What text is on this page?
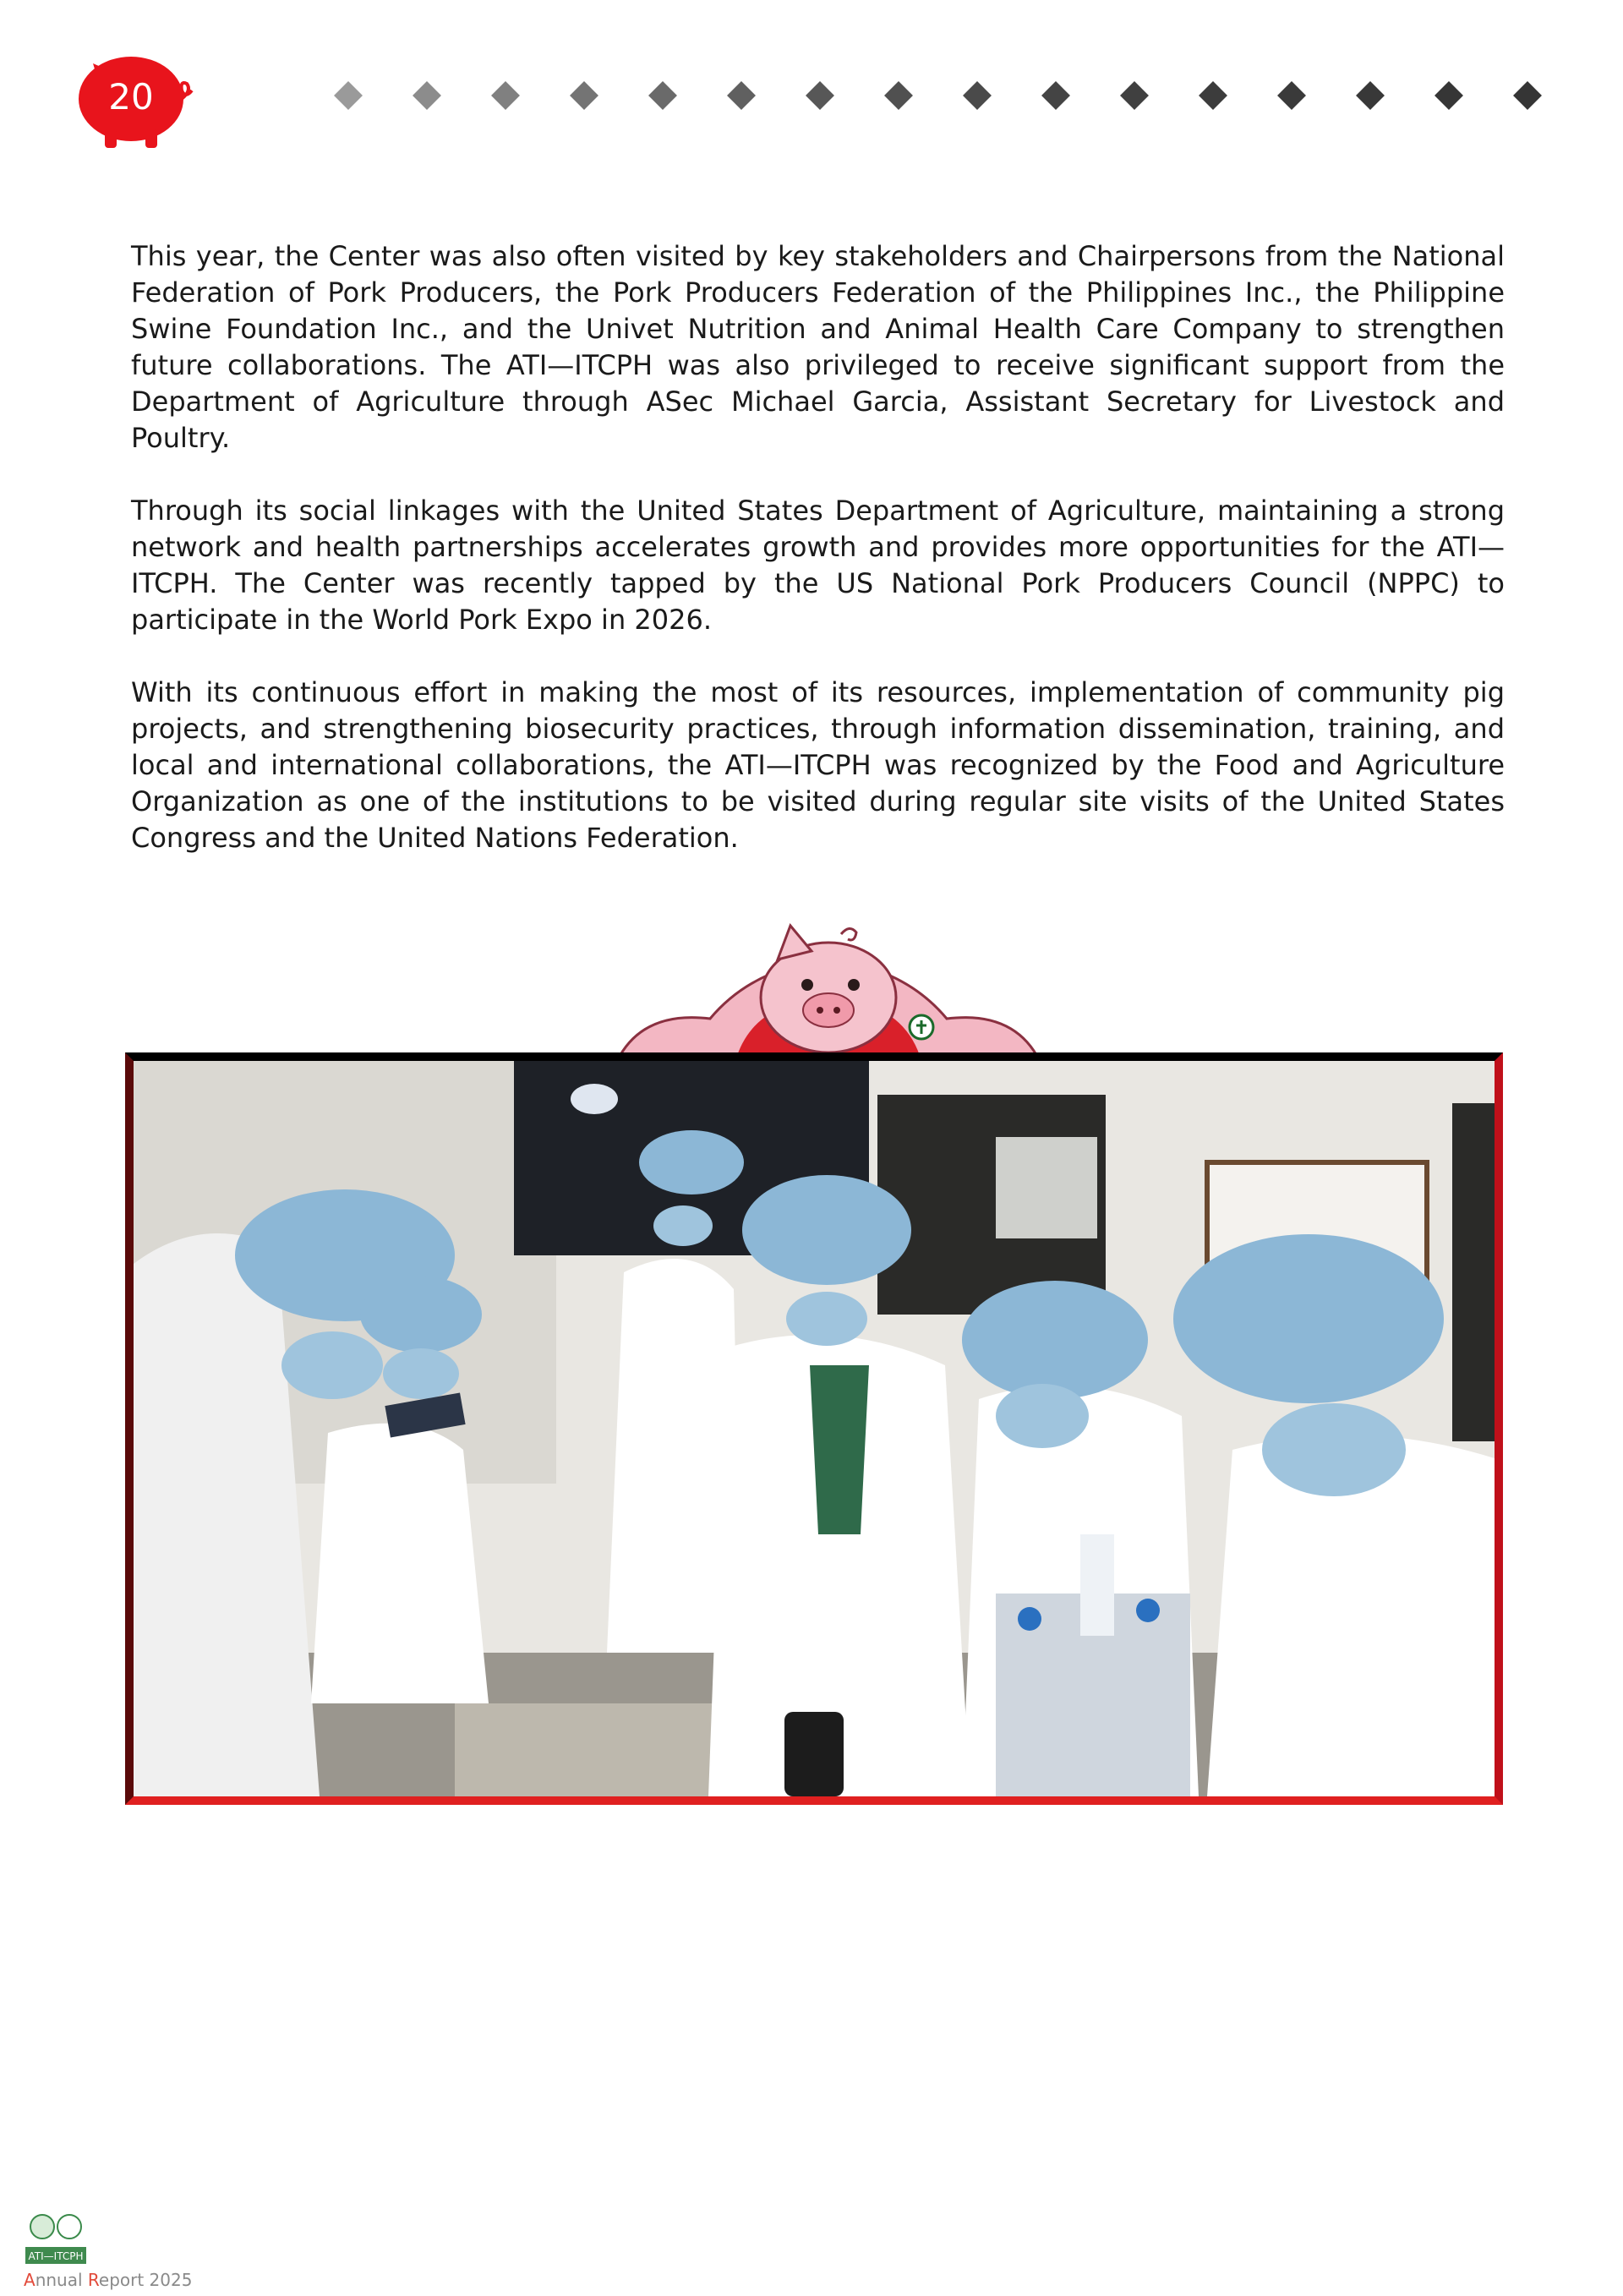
20

This year, the Center was also often visited by key stakeholders and Chairpersons from the National Federation of Pork Producers, the Pork Producers Federation of the Philippines Inc., the Philippine Swine Foundation Inc., and the Univet Nutrition and Animal Health Care Company to strengthen future collaborations. The ATI—ITCPH was also privileged to receive significant support from the Department of Agriculture through ASec Michael Garcia, Assistant Secretary for Livestock and Poultry.

Through its social linkages with the United States Department of Agriculture, maintaining a strong network and health partnerships accelerates growth and provides more opportunities for the ATI—ITCPH. The Center was recently tapped by the US National Pork Producers Council (NPPC) to participate in the World Pork Expo in 2026.

With its continuous effort in making the most of its resources, implementation of community pig projects, and strengthening biosecurity practices, through information dissemination, training, and local and international collaborations, the ATI—ITCPH was recognized by the Food and Agriculture Organization as one of the institutions to be visited during regular site visits of the United States Congress and the United Nations Federation.

ATI—ITCPH
Annual Report 2025
